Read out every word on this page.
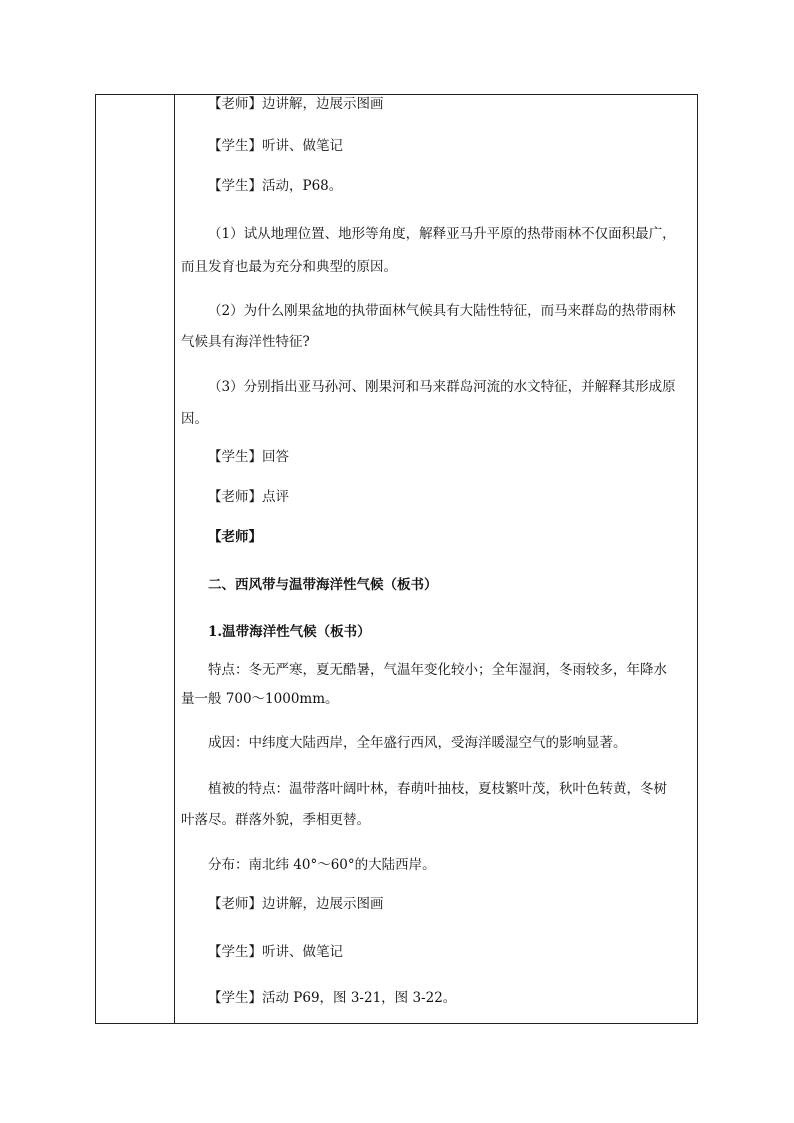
【老师】边讲解，边展示图画
【学生】听讲、做笔记
【学生】活动，P68。
（1）试从地理位置、地形等角度，解释亚马升平原的热带雨林不仅面积最广，
而且发育也最为充分和典型的原因。
（2）为什么刚果盆地的执带面林气候具有大陆性特征，而马来群岛的热带雨林
气候具有海洋性特征?
（3）分别指出亚马孙河、刚果河和马来群岛河流的水文特征，并解释其形成原
因。
【学生】回答
【老师】点评
【老师】
二、西风带与温带海洋性气候（板书）
1.温带海洋性气候（板书）
特点：冬无严寒，夏无酷暑，气温年变化较小；全年湿润，冬雨较多，年降水
量一般 700～1000mm。
成因：中纬度大陆西岸，全年盛行西风，受海洋暖湿空气的影响显著。
植被的特点：温带落叶阔叶林，春萌叶抽枝，夏枝繁叶茂，秋叶色转黄，冬树
叶落尽。群落外貌，季相更替。
分布：南北纬 40°～60°的大陆西岸。
【老师】边讲解，边展示图画
【学生】听讲、做笔记
【学生】活动 P69，图 3-21，图 3-22。
